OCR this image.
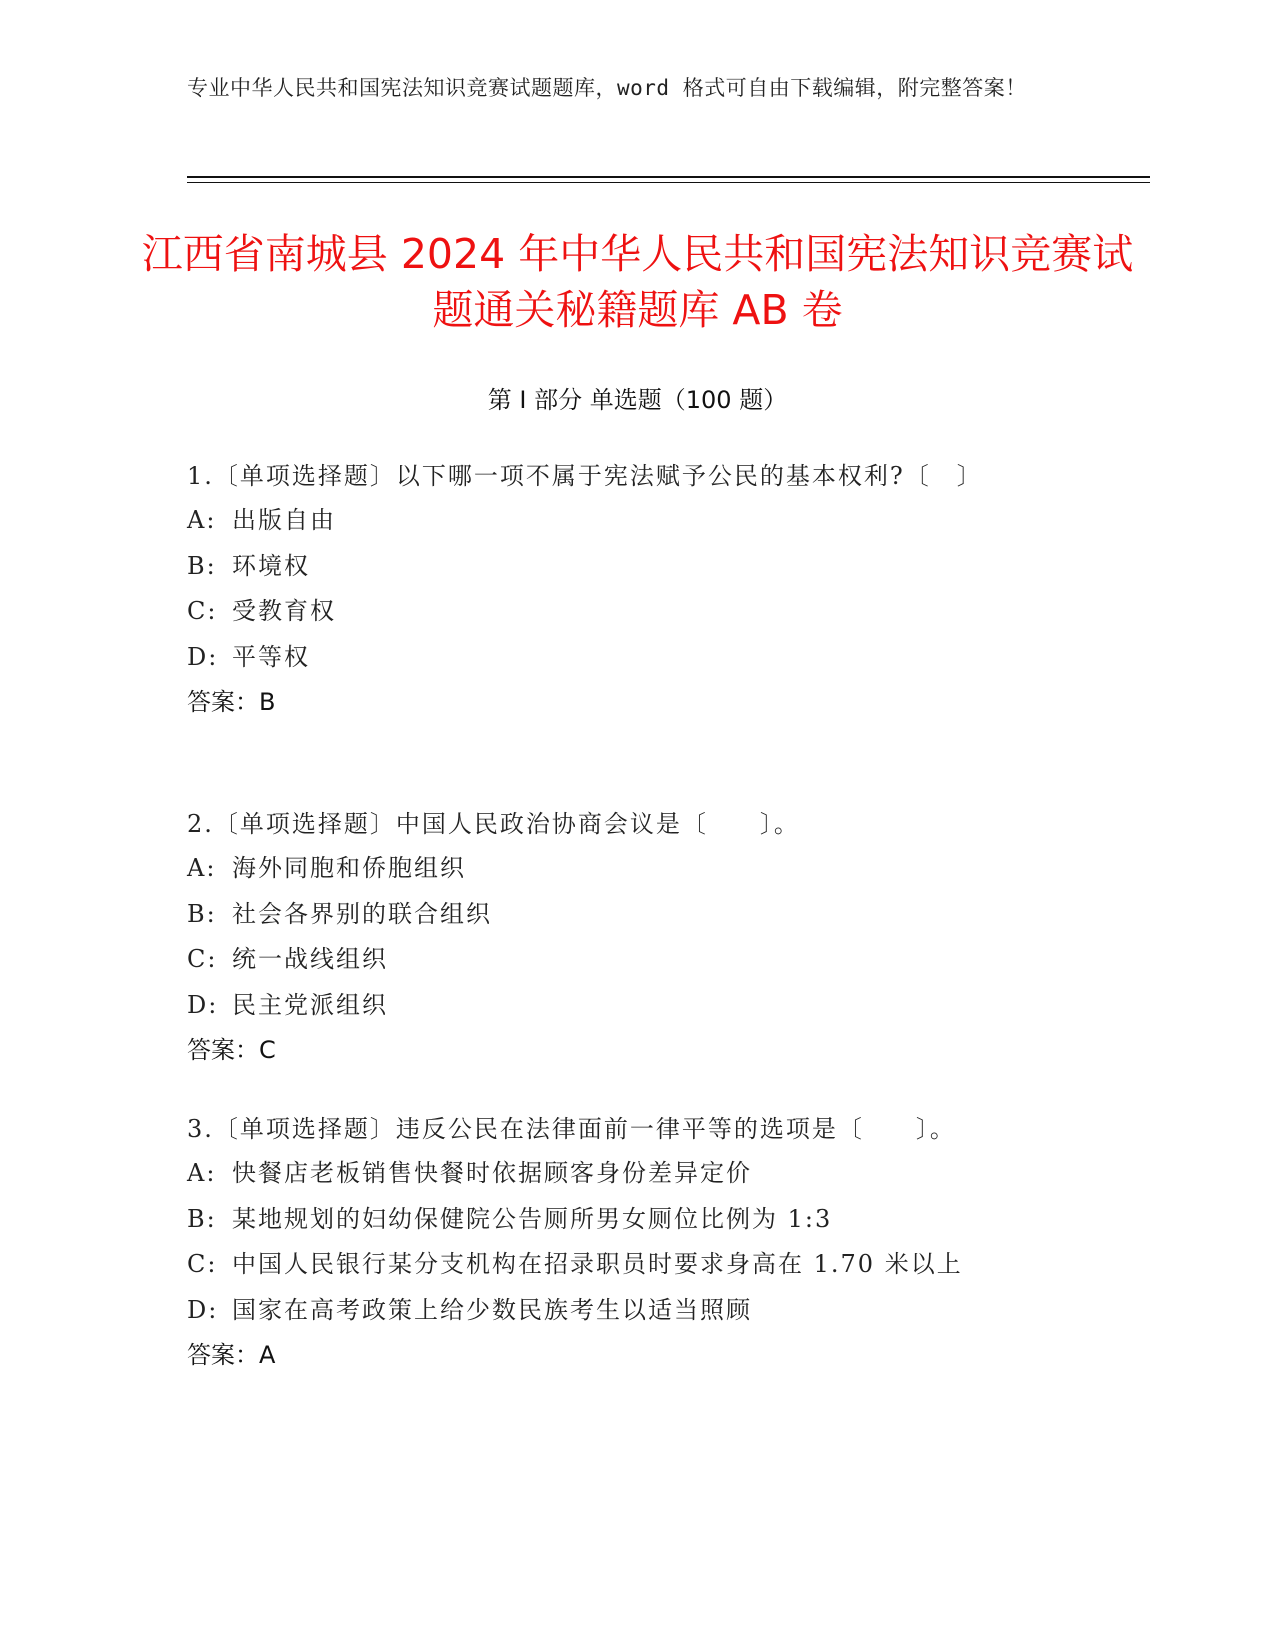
专业中华人民共和国宪法知识竞赛试题题库，word 格式可自由下载编辑，附完整答案！
江西省南城县 2024 年中华人民共和国宪法知识竞赛试题通关秘籍题库 AB 卷
第 I 部分 单选题（100 题）

1.〔单项选择题〕以下哪一项不属于宪法赋予公民的基本权利?〔　〕

A: 出版自由

B: 环境权

C: 受教育权

D: 平等权

答案：B

2.〔单项选择题〕中国人民政治协商会议是〔　　〕。

A: 海外同胞和侨胞组织

B: 社会各界别的联合组织

C: 统一战线组织

D: 民主党派组织

答案：C

3.〔单项选择题〕违反公民在法律面前一律平等的选项是〔　　〕。

A: 快餐店老板销售快餐时依据顾客身份差异定价

B: 某地规划的妇幼保健院公告厕所男女厕位比例为 1:3

C: 中国人民银行某分支机构在招录职员时要求身高在 1.70 米以上

D: 国家在高考政策上给少数民族考生以适当照顾

答案：A
